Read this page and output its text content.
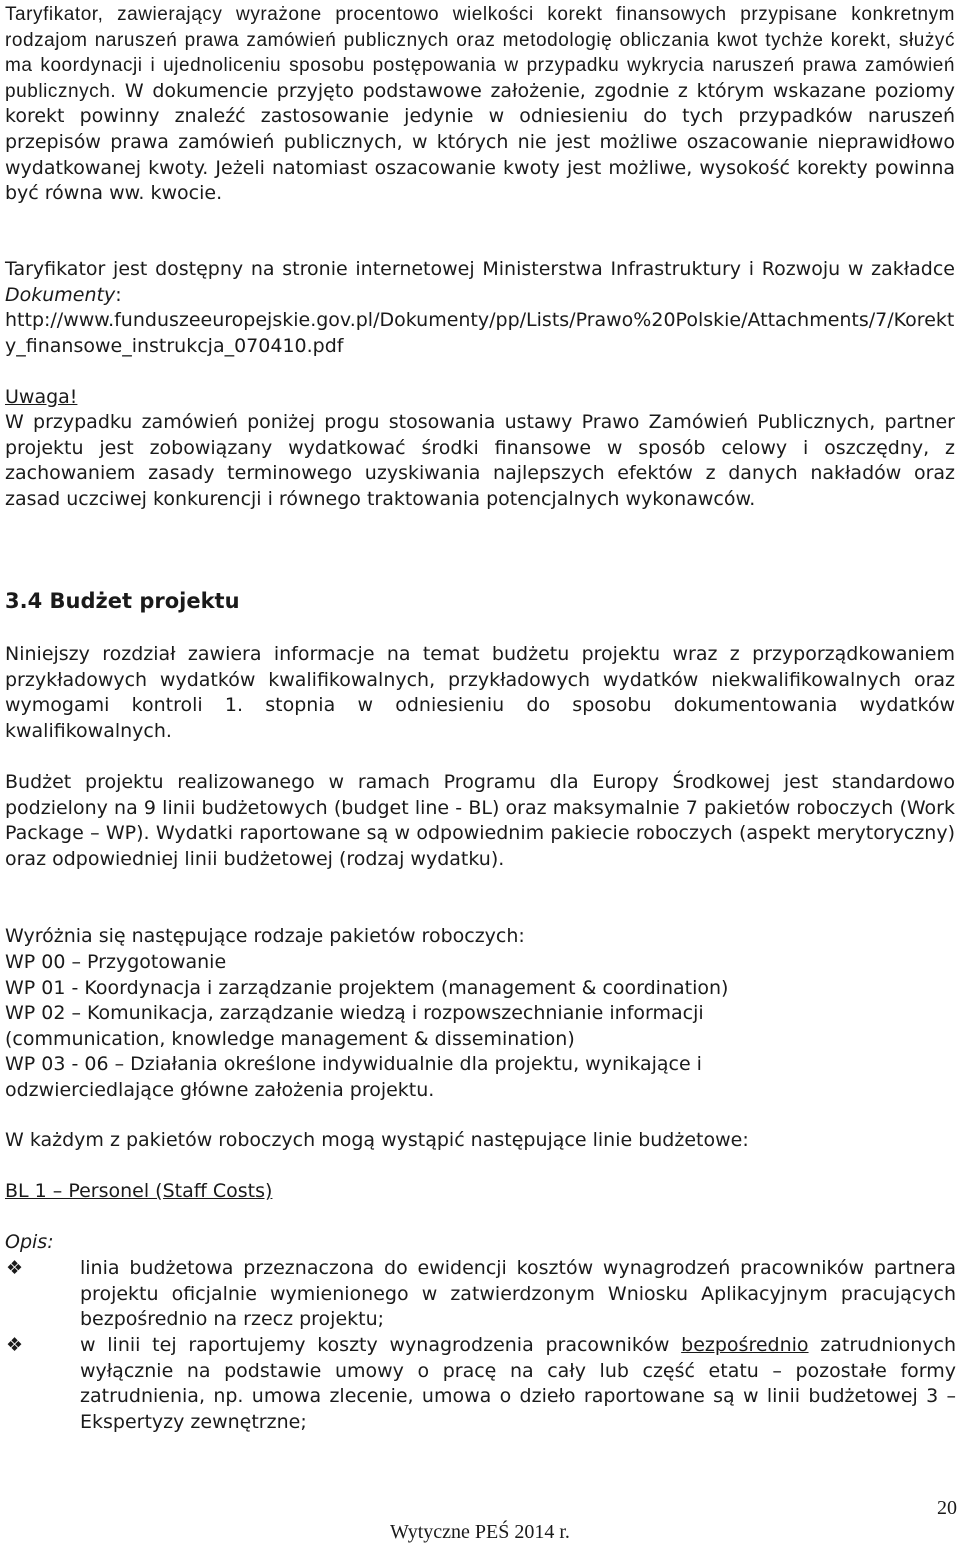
Taryfikator, zawierający wyrażone procentowo wielkości korekt finansowych przypisane konkretnym rodzajom naruszeń prawa zamówień publicznych oraz metodologię obliczania kwot tychże korekt, służyć ma koordynacji i ujednoliceniu sposobu postępowania w przypadku wykrycia naruszeń prawa zamówień publicznych. W dokumencie przyjęto podstawowe założenie, zgodnie z którym wskazane poziomy korekt powinny znaleźć zastosowanie jedynie w odniesieniu do tych przypadków naruszeń przepisów prawa zamówień publicznych, w których nie jest możliwe oszacowanie nieprawidłowo wydatkowanej kwoty. Jeżeli natomiast oszacowanie kwoty jest możliwe, wysokość korekty powinna być równa ww. kwocie.

Taryfikator jest dostępny na stronie internetowej Ministerstwa Infrastruktury i Rozwoju w zakładce Dokumenty:
http://www.funduszeeuropejskie.gov.pl/Dokumenty/pp/Lists/Prawo%20Polskie/Attachments/7/Korekty_finansowe_instrukcja_070410.pdf

Uwaga!

W przypadku zamówień poniżej progu stosowania ustawy Prawo Zamówień Publicznych, partner projektu jest zobowiązany wydatkować środki finansowe w sposób celowy i oszczędny, z zachowaniem zasady terminowego uzyskiwania najlepszych efektów z danych nakładów oraz zasad uczciwej konkurencji i równego traktowania potencjalnych wykonawców.

3.4 Budżet projektu

Niniejszy rozdział zawiera informacje na temat budżetu projektu wraz z przyporządkowaniem przykładowych wydatków kwalifikowalnych, przykładowych wydatków niekwalifikowalnych oraz wymogami kontroli 1. stopnia w odniesieniu do sposobu dokumentowania wydatków kwalifikowalnych.

Budżet projektu realizowanego w ramach Programu dla Europy Środkowej jest standardowo podzielony na 9 linii budżetowych (budget line - BL) oraz maksymalnie 7 pakietów roboczych (Work Package – WP). Wydatki raportowane są w odpowiednim pakiecie roboczych (aspekt merytoryczny) oraz odpowiedniej linii budżetowej (rodzaj wydatku).

Wyróżnia się następujące rodzaje pakietów roboczych:

WP 00 – Przygotowanie
WP 01 - Koordynacja i zarządzanie projektem (management & coordination)
WP 02 – Komunikacja, zarządzanie wiedzą i rozpowszechnianie informacji
(communication, knowledge management & dissemination)
WP 03 - 06 – Działania określone indywidualnie dla projektu, wynikające i
odzwierciedlające główne założenia projektu.

W każdym z pakietów roboczych mogą wystąpić następujące linie budżetowe:

BL 1 – Personel (Staff Costs)

Opis:

❖	linia budżetowa przeznaczona do ewidencji kosztów wynagrodzeń pracowników partnera projektu oficjalnie wymienionego w zatwierdzonym Wniosku Aplikacyjnym pracujących bezpośrednio na rzecz projektu;

❖	w linii tej raportujemy koszty wynagrodzenia pracowników bezpośrednio zatrudnionych wyłącznie na podstawie umowy o pracę na cały lub część etatu – pozostałe formy zatrudnienia, np. umowa zlecenie, umowa o dzieło raportowane są w linii budżetowej 3 – Ekspertyzy zewnętrzne;

20
Wytyczne PEŚ 2014 r.
